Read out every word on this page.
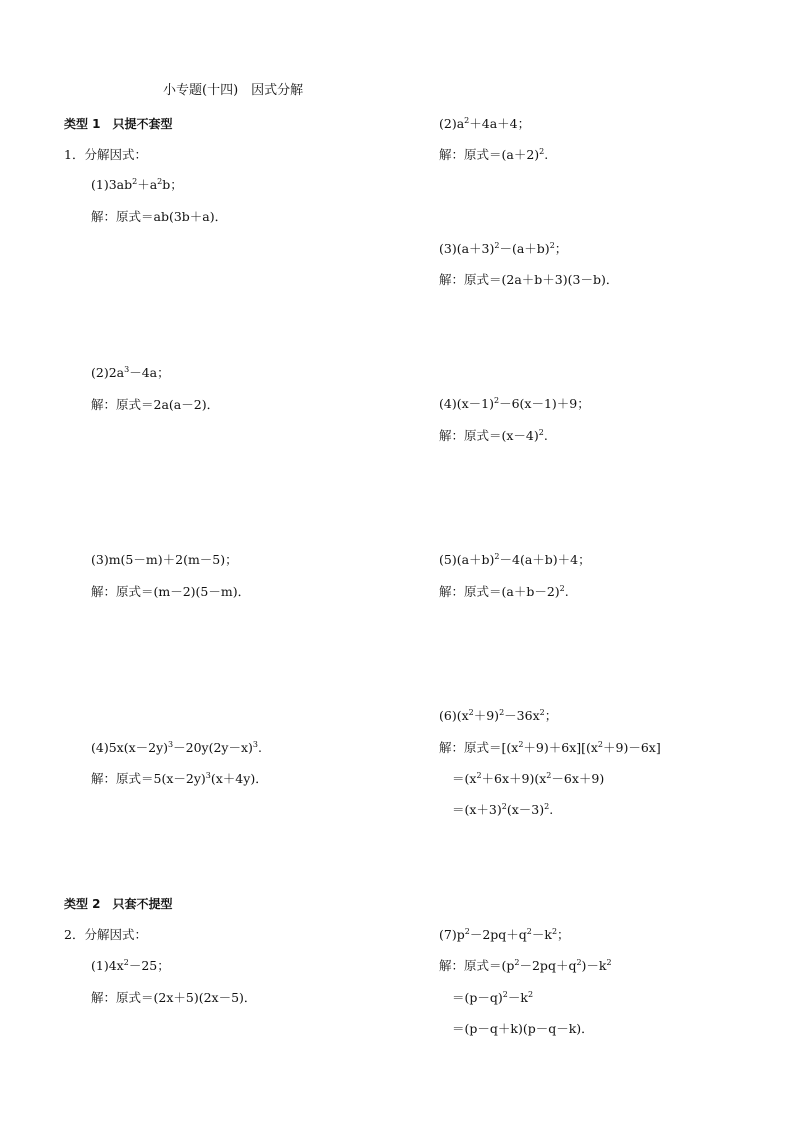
小专题(十四)　因式分解
类型 1 只提不套型
1．分解因式：
$(1)3ab^2+a^2b$；
解：原式＝ab(3b＋a)．
$(2)2a^3-4a$；
解：原式＝2a(a－2)．
(3)m(5－m)＋2(m－5)；
解：原式＝(m－2)(5－m)．
$(4)5x(x-2y)^3-20y(2y-x)^3$.
解：原式$=5(x-2y)^3(x+4y)$．
类型 2 只套不提型
2．分解因式：
$(1)4x^2-25$；
解：原式＝(2x＋5)(2x－5)．
$(2)a^2+4a+4$；
解：原式$=(a+2)^2$.
$(3)(a+3)^2-(a+b)^2$；
解：原式＝(2a＋b＋3)(3－b)．
$(4)(x-1)^2-6(x-1)+9$；
解：原式$=(x-4)^2$.
$(5)(a+b)^2-4(a+b)+4$；
解：原式$=(a+b-2)^2$.
$(6)(x^2+9)^2-36x^2$；
解：原式$=[(x^2+9)+6x][(x^2+9)-6x]$
$=(x^2+6x+9)(x^2-6x+9)$
$=(x+3)^2(x-3)^2$.
$(7)p^2-2pq+q^2-k^2$；
解：原式$=(p^2-2pq+q^2)-k^2$
$=(p-q)^2-k^2$
＝(p－q＋k)(p－q－k)．
